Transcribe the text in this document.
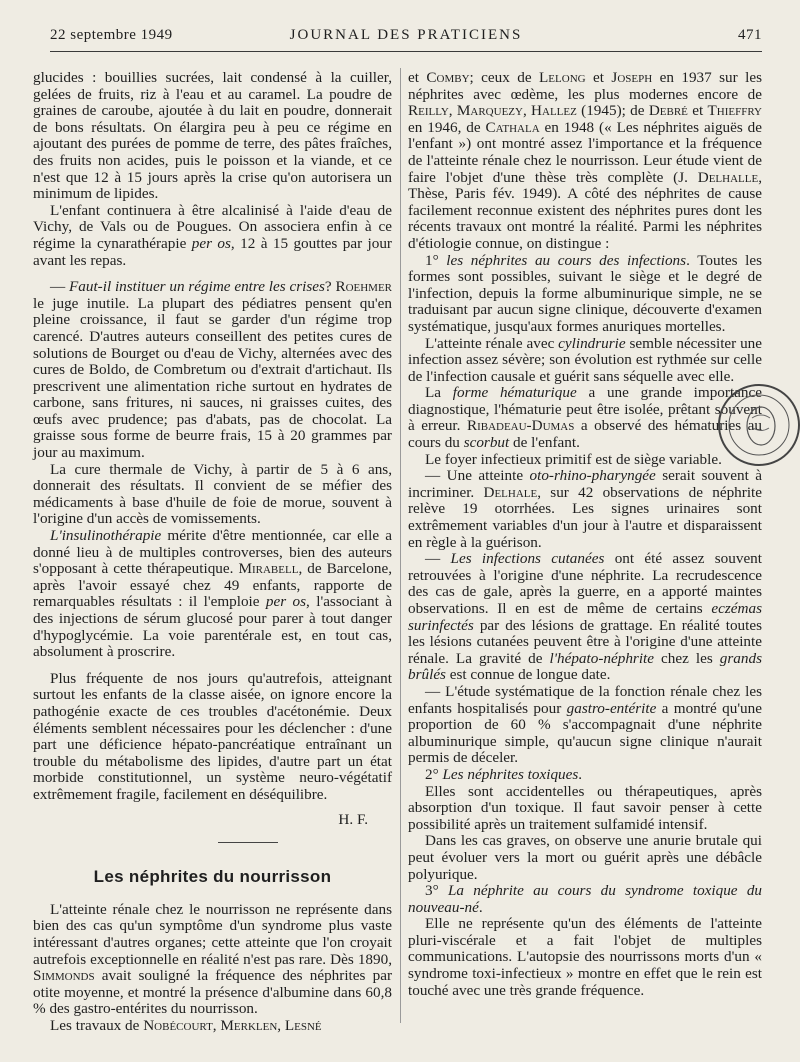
22 septembre 1949	JOURNAL DES PRATICIENS	471

glucides : bouillies sucrées, lait condensé à la cuiller, gelées de fruits, riz à l'eau et au caramel. La poudre de graines de caroube, ajoutée à du lait en poudre, donnerait de bons résultats. On élargira peu à peu ce régime en ajoutant des purées de pomme de terre, des pâtes fraîches, des fruits non acides, puis le poisson et la viande, et ce n'est que 12 à 15 jours après la crise qu'on autorisera un minimum de lipides.

L'enfant continuera à être alcalinisé à l'aide d'eau de Vichy, de Vals ou de Pougues. On associera enfin à ce régime la cynarathérapie per os, 12 à 15 gouttes par jour avant les repas.

— Faut-il instituer un régime entre les crises? Roehmer le juge inutile. La plupart des pédiatres pensent qu'en pleine croissance, il faut se garder d'un régime trop carencé. D'autres auteurs conseillent des petites cures de solutions de Bourget ou d'eau de Vichy, alternées avec des cures de Boldo, de Combretum ou d'extrait d'artichaut. Ils prescrivent une alimentation riche surtout en hydrates de carbone, sans fritures, ni sauces, ni graisses cuites, des œufs avec prudence; pas d'abats, pas de chocolat. La graisse sous forme de beurre frais, 15 à 20 grammes par jour au maximum.

La cure thermale de Vichy, à partir de 5 à 6 ans, donnerait des résultats. Il convient de se méfier des médicaments à base d'huile de foie de morue, souvent à l'origine d'un accès de vomissements.

L'insulinothérapie mérite d'être mentionnée, car elle a donné lieu à de multiples controverses, bien des auteurs s'opposant à cette thérapeutique. Mirabell, de Barcelone, après l'avoir essayé chez 49 enfants, rapporte de remarquables résultats : il l'emploie per os, l'associant à des injections de sérum glucosé pour parer à tout danger d'hypoglycémie. La voie parentérale est, en tout cas, absolument à proscrire.

Plus fréquente de nos jours qu'autrefois, atteignant surtout les enfants de la classe aisée, on ignore encore la pathogénie exacte de ces troubles d'acétonémie. Deux éléments semblent nécessaires pour les déclencher : d'une part une déficience hépato-pancréatique entraînant un trouble du métabolisme des lipides, d'autre part un état morbide constitutionnel, un système neuro-végétatif extrêmement fragile, facilement en déséquilibre.

H. F.
Les néphrites du nourrisson

L'atteinte rénale chez le nourrisson ne représente dans bien des cas qu'un symptôme d'un syndrome plus vaste intéressant d'autres organes; cette atteinte que l'on croyait autrefois exceptionnelle en réalité n'est pas rare. Dès 1890, Simmonds avait souligné la fréquence des néphrites par otite moyenne, et montré la présence d'albumine dans 60,8 % des gastro-entérites du nourrisson.

Les travaux de Nobécourt, Merklen, Lesné

et Comby; ceux de Lelong et Joseph en 1937 sur les néphrites avec œdème, les plus modernes encore de Reilly, Marquezy, Hallez (1945); de Debré et Thieffry en 1946, de Cathala en 1948 (« Les néphrites aiguës de l'enfant ») ont montré assez l'importance et la fréquence de l'atteinte rénale chez le nourrisson. Leur étude vient de faire l'objet d'une thèse très complète (J. Delhalle, Thèse, Paris fév. 1949). A côté des néphrites de cause facilement reconnue existent des néphrites pures dont les récents travaux ont montré la réalité. Parmi les néphrites d'étiologie connue, on distingue :

1° les néphrites au cours des infections. Toutes les formes sont possibles, suivant le siège et le degré de l'infection, depuis la forme albuminurique simple, ne se traduisant par aucun signe clinique, découverte d'examen systématique, jusqu'aux formes anuriques mortelles.

L'atteinte rénale avec cylindrurie semble nécessiter une infection assez sévère; son évolution est rythmée sur celle de l'infection causale et guérit sans séquelle avec elle.

La forme hématurique a une grande importance diagnostique, l'hématurie peut être isolée, prêtant souvent à erreur. Ribadeau-Dumas a observé des hématuries au cours du scorbut de l'enfant.

Le foyer infectieux primitif est de siège variable.

— Une atteinte oto-rhino-pharyngée serait souvent à incriminer. Delhale, sur 42 observations de néphrite relève 19 otorrhées. Les signes urinaires sont extrêmement variables d'un jour à l'autre et disparaissent en règle à la guérison.

— Les infections cutanées ont été assez souvent retrouvées à l'origine d'une néphrite. La recrudescence des cas de gale, après la guerre, en a apporté maintes observations. Il en est de même de certains eczémas surinfectés par des lésions de grattage. En réalité toutes les lésions cutanées peuvent être à l'origine d'une atteinte rénale. La gravité de l'hépato-néphrite chez les grands brûlés est connue de longue date.

— L'étude systématique de la fonction rénale chez les enfants hospitalisés pour gastro-entérite a montré qu'une proportion de 60 % s'accompagnait d'une néphrite albuminurique simple, qu'aucun signe clinique n'aurait permis de déceler.

2° Les néphrites toxiques.

Elles sont accidentelles ou thérapeutiques, après absorption d'un toxique. Il faut savoir penser à cette possibilité après un traitement sulfamidé intensif.

Dans les cas graves, on observe une anurie brutale qui peut évoluer vers la mort ou guérit après une débâcle polyurique.

3° La néphrite au cours du syndrome toxique du nouveau-né.

Elle ne représente qu'un des éléments de l'atteinte pluri-viscérale et a fait l'objet de multiples communications. L'autopsie des nourrissons morts d'un « syndrome toxi-infectieux » montre en effet que le rein est touché avec une très grande fréquence.
